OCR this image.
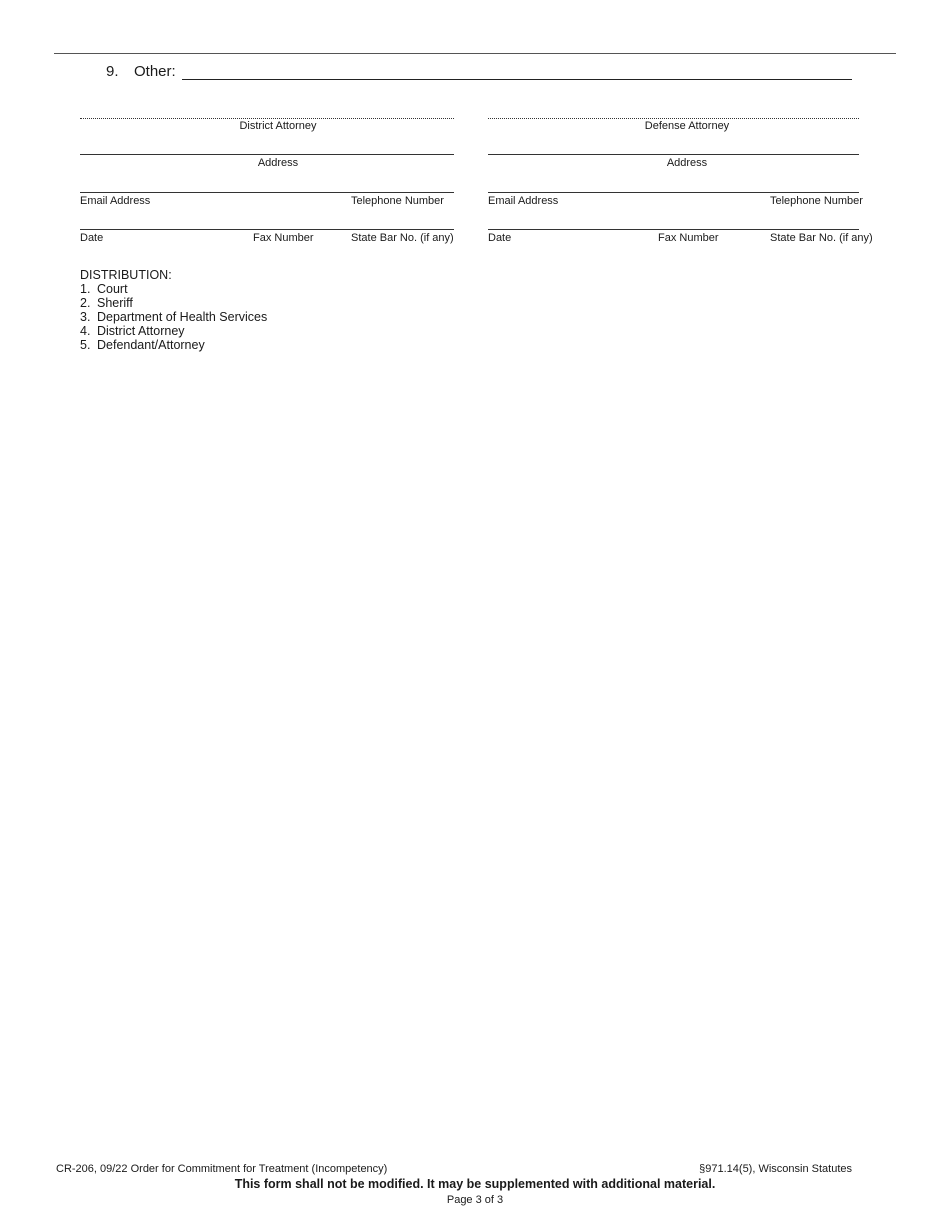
9. Other:
District Attorney
Address
Email Address	Telephone Number
Date	Fax Number	State Bar No. (if any)
Defense Attorney
Address
Email Address	Telephone Number
Date	Fax Number	State Bar No. (if any)
DISTRIBUTION:
1. Court
2. Sheriff
3. Department of Health Services
4. District Attorney
5. Defendant/Attorney
CR-206, 09/22 Order for Commitment for Treatment (Incompetency)	§971.14(5), Wisconsin Statutes
This form shall not be modified. It may be supplemented with additional material.
Page 3 of 3
